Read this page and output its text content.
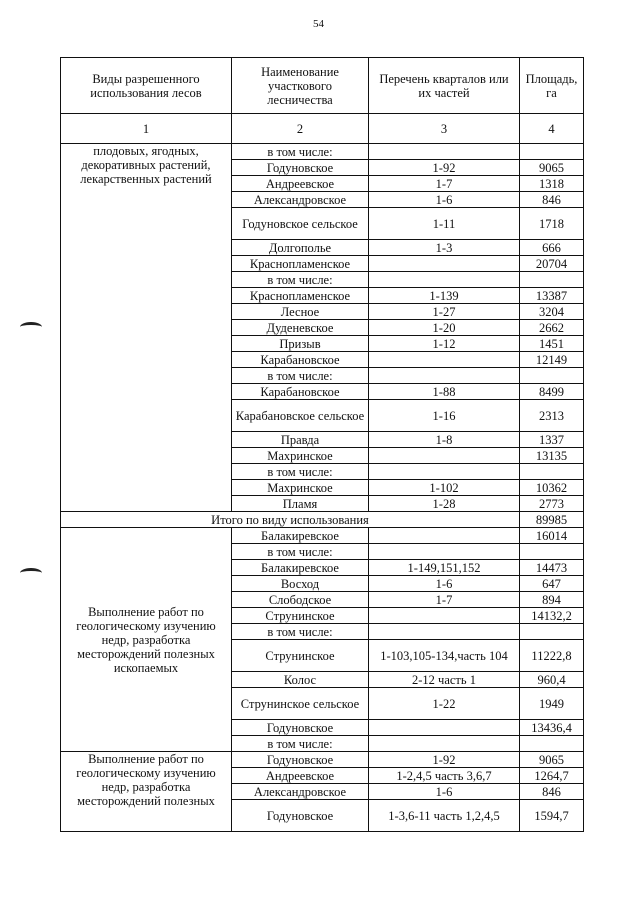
54
Виды разрешенного использования лесов	Наименование участкового лесничества	Перечень кварталов или их частей	Площадь, га
1	2	3	4
плодовых, ягодных, декоративных растений, лекарственных растений	в том числе:		
	Годуновское	1-92	9065
	Андреевское	1-7	1318
	Александровское	1-6	846
	Годуновское сельское	1-11	1718
	Долгополье	1-3	666
	Краснопламенское		20704
	в том числе:		
	Краснопламенское	1-139	13387
	Лесное	1-27	3204
	Дуденевское	1-20	2662
	Призыв	1-12	1451
	Карабановское		12149
	в том числе:		
	Карабановское	1-88	8499
	Карабановское сельское	1-16	2313
	Правда	1-8	1337
	Махринское		13135
	в том числе:		
	Махринское	1-102	10362
	Пламя	1-28	2773
Итого по виду использования			89985
Выполнение работ по геологическому изучению недр, разработка месторождений полезных ископаемых	Балакиревское		16014
	в том числе:		
	Балакиревское	1-149,151,152	14473
	Восход	1-6	647
	Слободское	1-7	894
	Струнинское		14132,2
	в том числе:		
	Струнинское	1-103,105-134,часть 104	11222,8
	Колос	2-12 часть 1	960,4
	Струнинское сельское	1-22	1949
	Годуновское		13436,4
	в том числе:		
Выполнение работ по геологическому изучению недр, разработка месторождений полезных	Годуновское	1-92	9065
	Андреевское	1-2,4,5 часть 3,6,7	1264,7
	Александровское	1-6	846
	Годуновское	1-3,6-11 часть 1,2,4,5	1594,7
